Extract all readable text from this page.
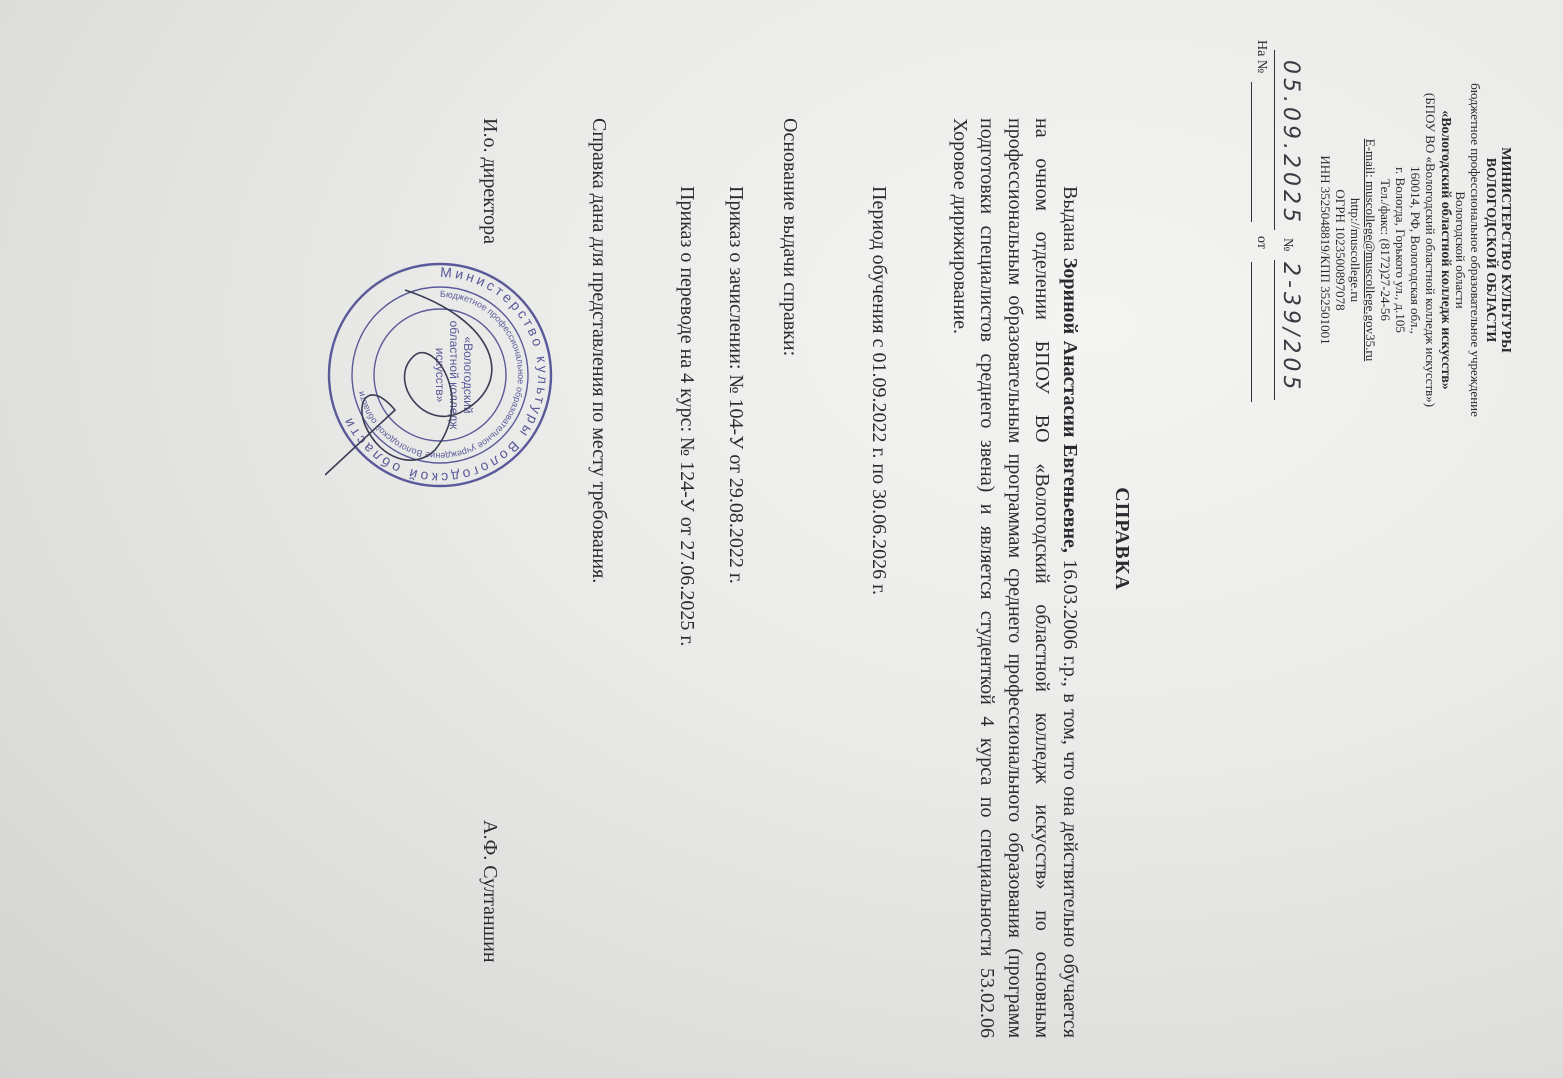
МИНИСТЕРСТВО КУЛЬТУРЫ
ВОЛОГОДСКОЙ ОБЛАСТИ
бюджетное профессиональное образовательное учреждение
Вологодской области
«Вологодский областной колледж искусств»
(БПОУ ВО «Вологодский областной колледж искусств»)
160014, РФ, Вологодская обл.,
г. Вологда, Горького ул., д.105
Тел./факс: (8172)27-24-56
E-mail: muscollege@muscollege.gov35.ru
http://muscollege.ru
ОГРН 1023500897078
ИНН 3525048819/КПП 352501001
05.09.2025
№
2-39/205
На №
от
СПРАВКА
Выдана Зориной Анастасии Евгеньевне, 16.03.2006 г.р., в том, что она действительно обучается на очном отделении БПОУ ВО «Вологодский областной колледж искусств» по основным профессиональным образовательным программам среднего профессионального образования (программ подготовки специалистов среднего звена) и является студенткой 4 курса по специальности 53.02.06 Хоровое дирижирование.
Период обучения с 01.09.2022 г. по 30.06.2026 г.
Основание выдачи справки:
Приказ о зачислении: № 104-У от 29.08.2022 г.
Приказ о переводе на 4 курс: № 124-У от 27.06.2025 г.
Справка дана для представления по месту требования.
И.о. директора
А.Ф. Султаншин
Министерство культуры Вологодской области
Бюджетное профессиональное образовательное учреждение Вологодской области	«Вологодский областной колледж искусств»
